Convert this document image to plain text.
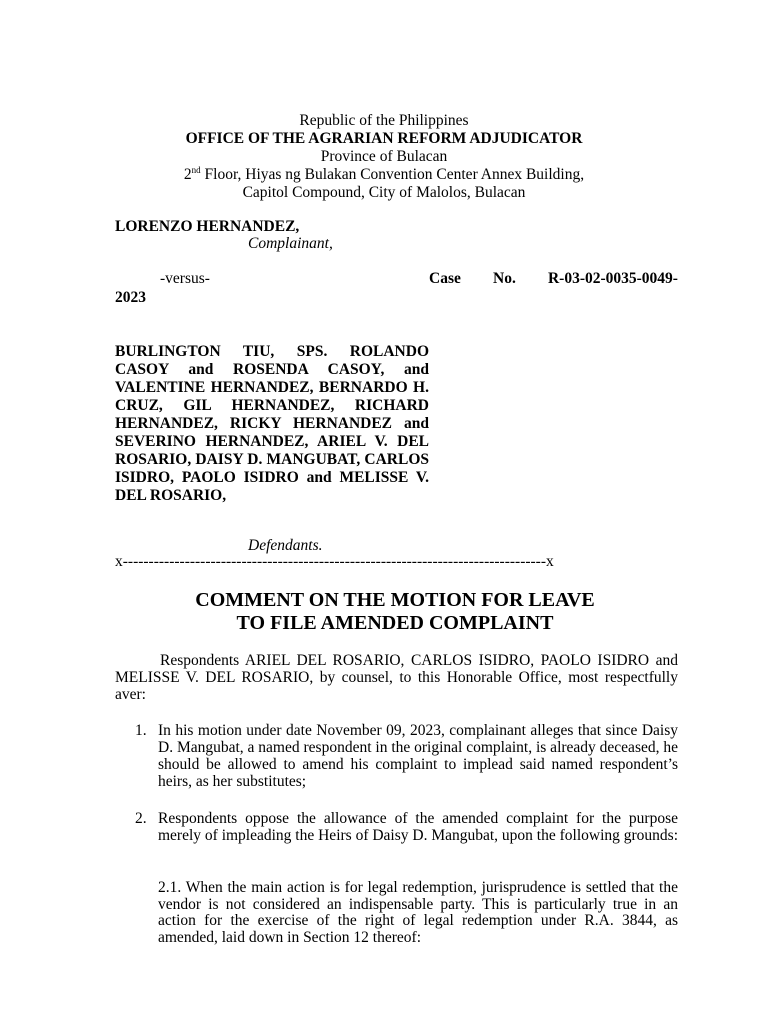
Republic of the Philippines
OFFICE OF THE AGRARIAN REFORM ADJUDICATOR
Province of Bulacan
2nd Floor, Hiyas ng Bulakan Convention Center Annex Building,
Capitol Compound, City of Malolos, Bulacan
LORENZO HERNANDEZ,
Complainant,
-versus-	Case No. R-03-02-0035-0049-
2023
BURLINGTON TIU, SPS. ROLANDO CASOY and ROSENDA CASOY, and VALENTINE HERNANDEZ, BERNARDO H. CRUZ, GIL HERNANDEZ, RICHARD HERNANDEZ, RICKY HERNANDEZ and SEVERINO HERNANDEZ, ARIEL V. DEL ROSARIO, DAISY D. MANGUBAT, CARLOS ISIDRO, PAOLO ISIDRO and MELISSE V. DEL ROSARIO,
Defendants.
x----------------------------------------------------------------------------------x
COMMENT ON THE MOTION FOR LEAVE
TO FILE AMENDED COMPLAINT
Respondents ARIEL DEL ROSARIO, CARLOS ISIDRO, PAOLO ISIDRO and MELISSE V. DEL ROSARIO, by counsel, to this Honorable Office, most respectfully aver:
1. In his motion under date November 09, 2023, complainant alleges that since Daisy D. Mangubat, a named respondent in the original complaint, is already deceased, he should be allowed to amend his complaint to implead said named respondent’s heirs, as her substitutes;
2. Respondents oppose the allowance of the amended complaint for the purpose merely of impleading the Heirs of Daisy D. Mangubat, upon the following grounds:
2.1. When the main action is for legal redemption, jurisprudence is settled that the vendor is not considered an indispensable party. This is particularly true in an action for the exercise of the right of legal redemption under R.A. 3844, as amended, laid down in Section 12 thereof:
